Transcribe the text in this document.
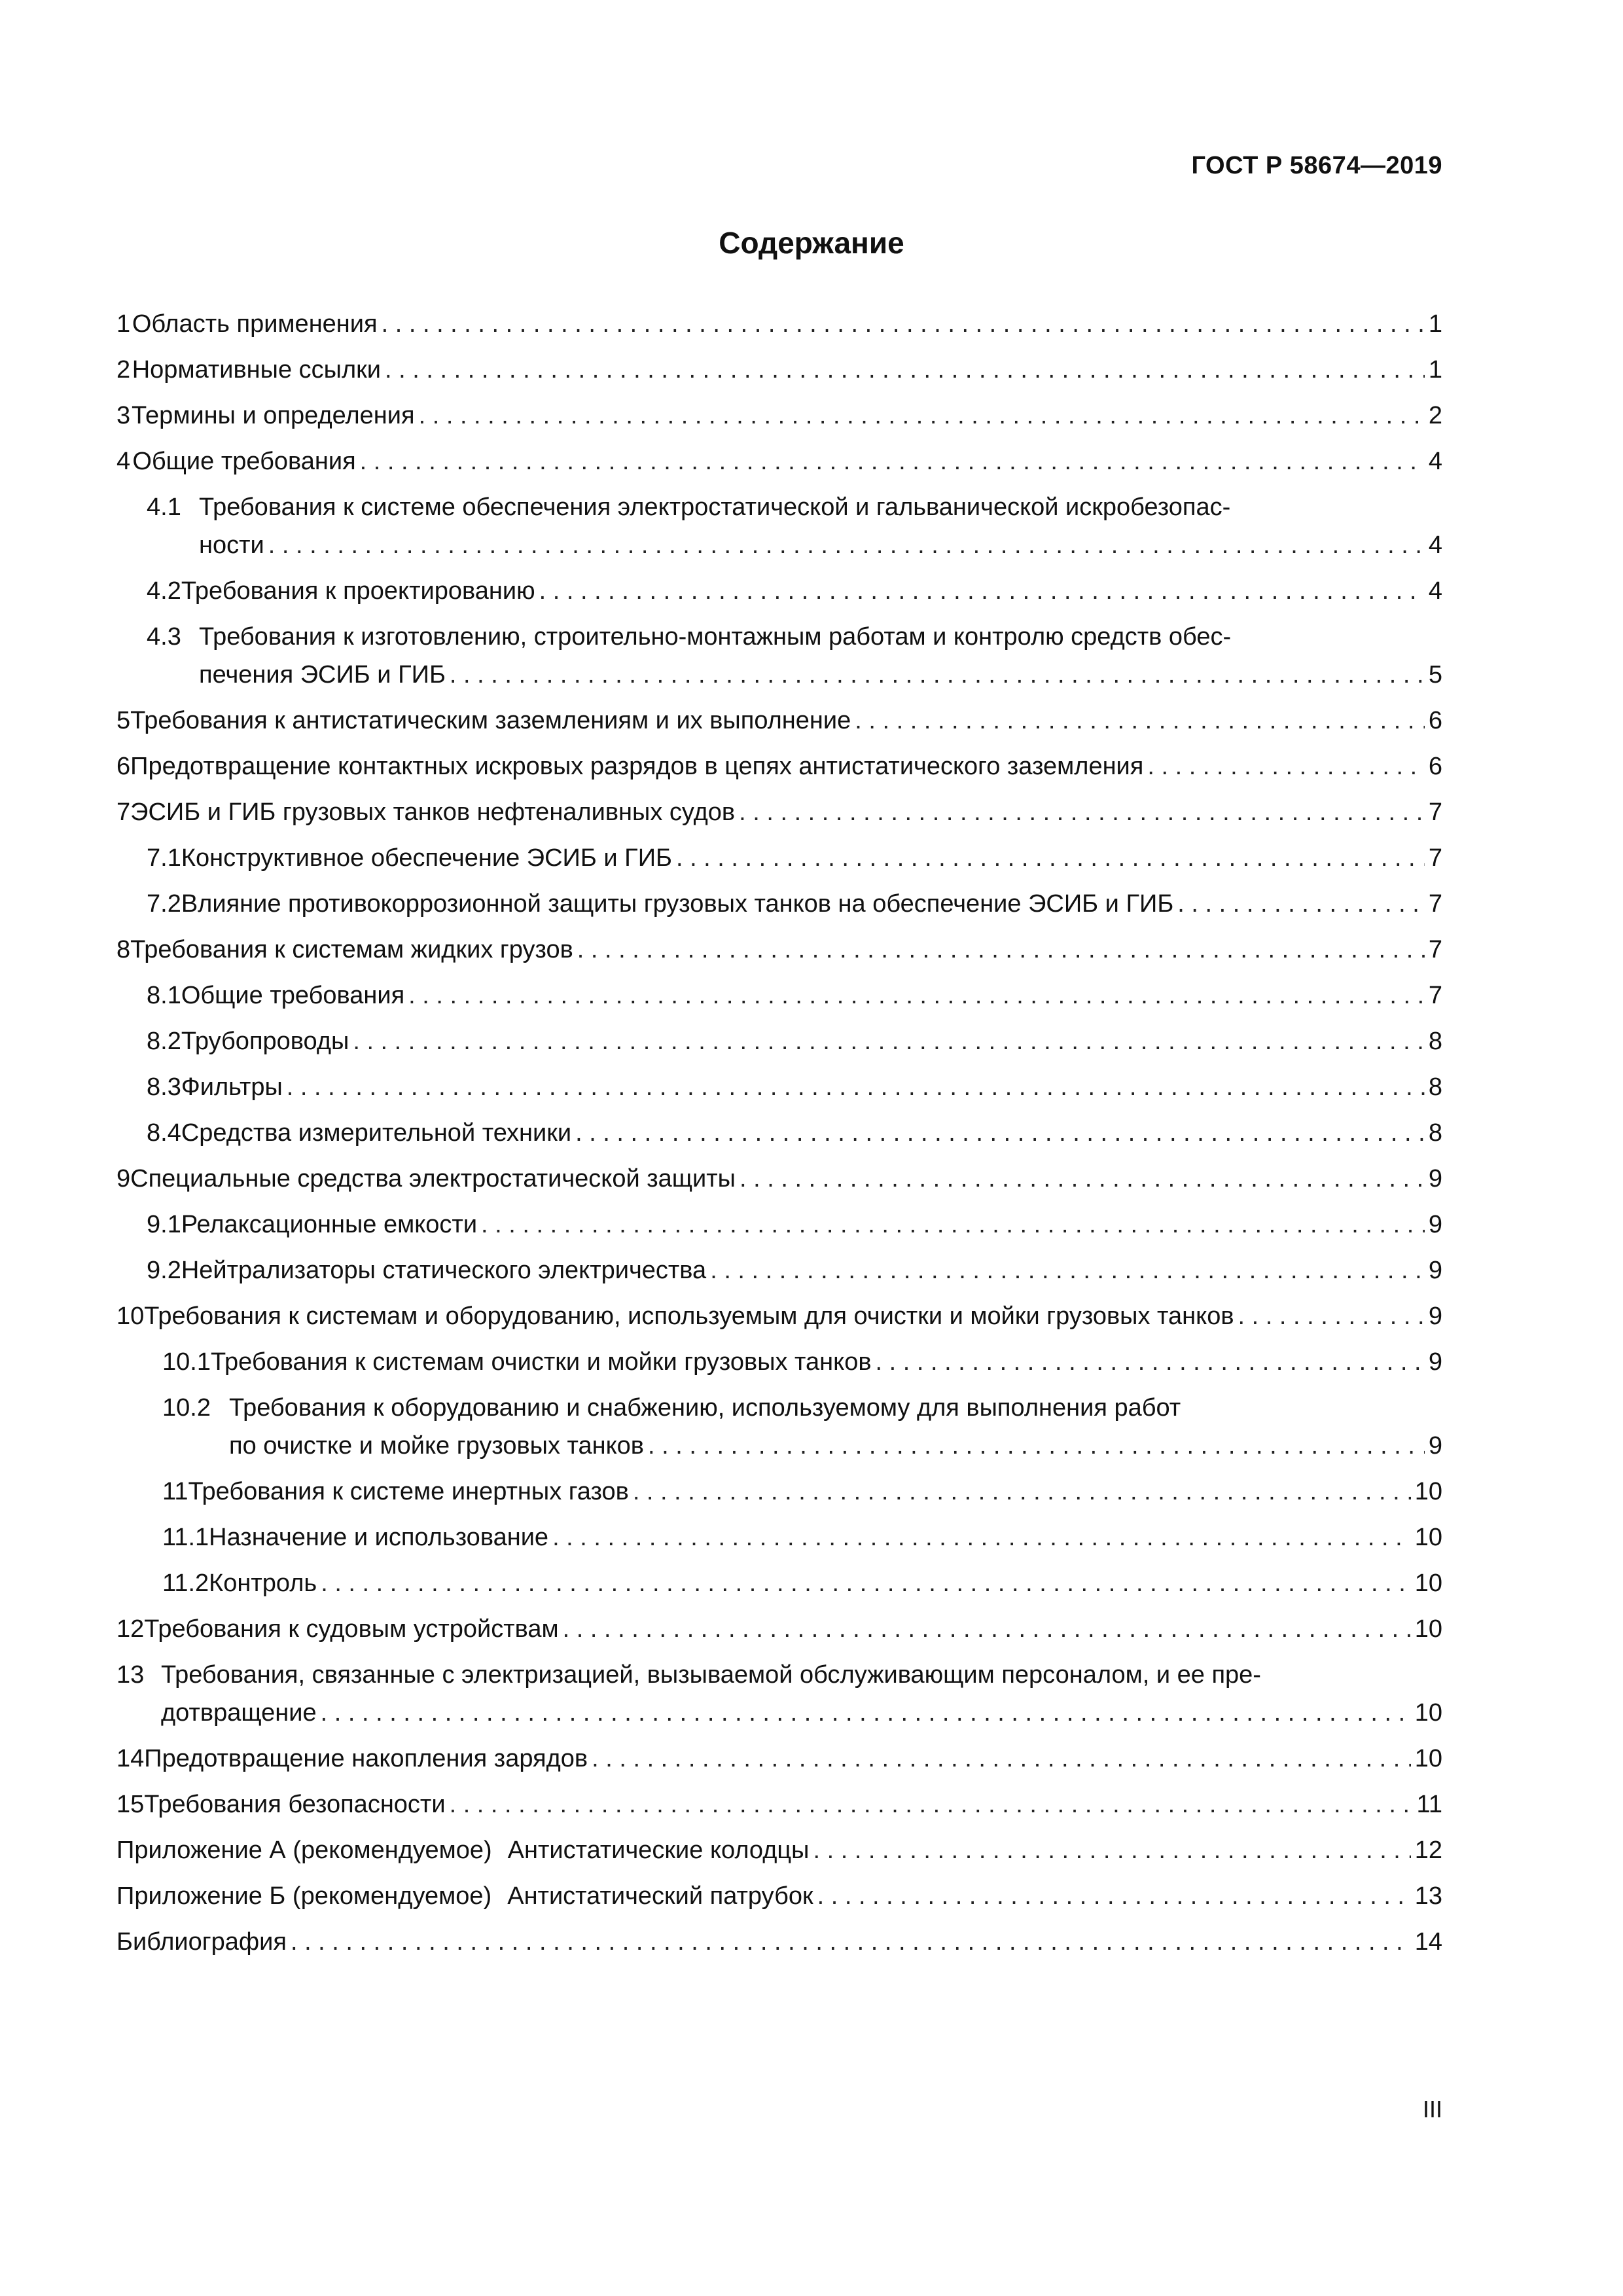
ГОСТ Р 58674—2019
Содержание
1 Область применения . . .	1
2 Нормативные ссылки . . .	1
3 Термины и определения . . .	2
4 Общие требования . . .	4
4.1 Требования к системе обеспечения электростатической и гальванической искробезопас-
ности . . .	4
4.2 Требования к проектированию . . .	4
4.3 Требования к изготовлению, строительно-монтажным работам и контролю средств обес-
печения ЭСИБ и ГИБ . . .	5
5 Требования к антистатическим заземлениям и их выполнение . . .	6
6 Предотвращение контактных искровых разрядов в цепях антистатического заземления . . .	6
7 ЭСИБ и ГИБ грузовых танков нефтеналивных судов . . .	7
7.1 Конструктивное обеспечение ЭСИБ и ГИБ . . .	7
7.2 Влияние противокоррозионной защиты грузовых танков на обеспечение ЭСИБ и ГИБ . . .	7
8 Требования к системам жидких грузов . . .	7
8.1 Общие требования . . .	7
8.2 Трубопроводы . . .	8
8.3 Фильтры . . .	8
8.4 Средства измерительной техники . . .	8
9 Специальные средства электростатической защиты . . .	9
9.1 Релаксационные емкости . . .	9
9.2 Нейтрализаторы статического электричества . . .	9
10 Требования к системам и оборудованию, используемым для очистки и мойки грузовых танков . . .	9
10.1 Требования к системам очистки и мойки грузовых танков . . .	9
10.2 Требования к оборудованию и снабжению, используемому для выполнения работ
по очистке и мойке грузовых танков . . .	9
11 Требования к системе инертных газов . . .	10
11.1 Назначение и использование . . .	10
11.2 Контроль . . .	10
12 Требования к судовым устройствам . . .	10
13 Требования, связанные с электризацией, вызываемой обслуживающим персоналом, и ее пре-
дотвращение . . .	10
14 Предотвращение накопления зарядов . . .	10
15 Требования безопасности . . .	11
Приложение А (рекомендуемое) Антистатические колодцы . . .	12
Приложение Б (рекомендуемое) Антистатический патрубок . . .	13
Библиография . . .	14
III
